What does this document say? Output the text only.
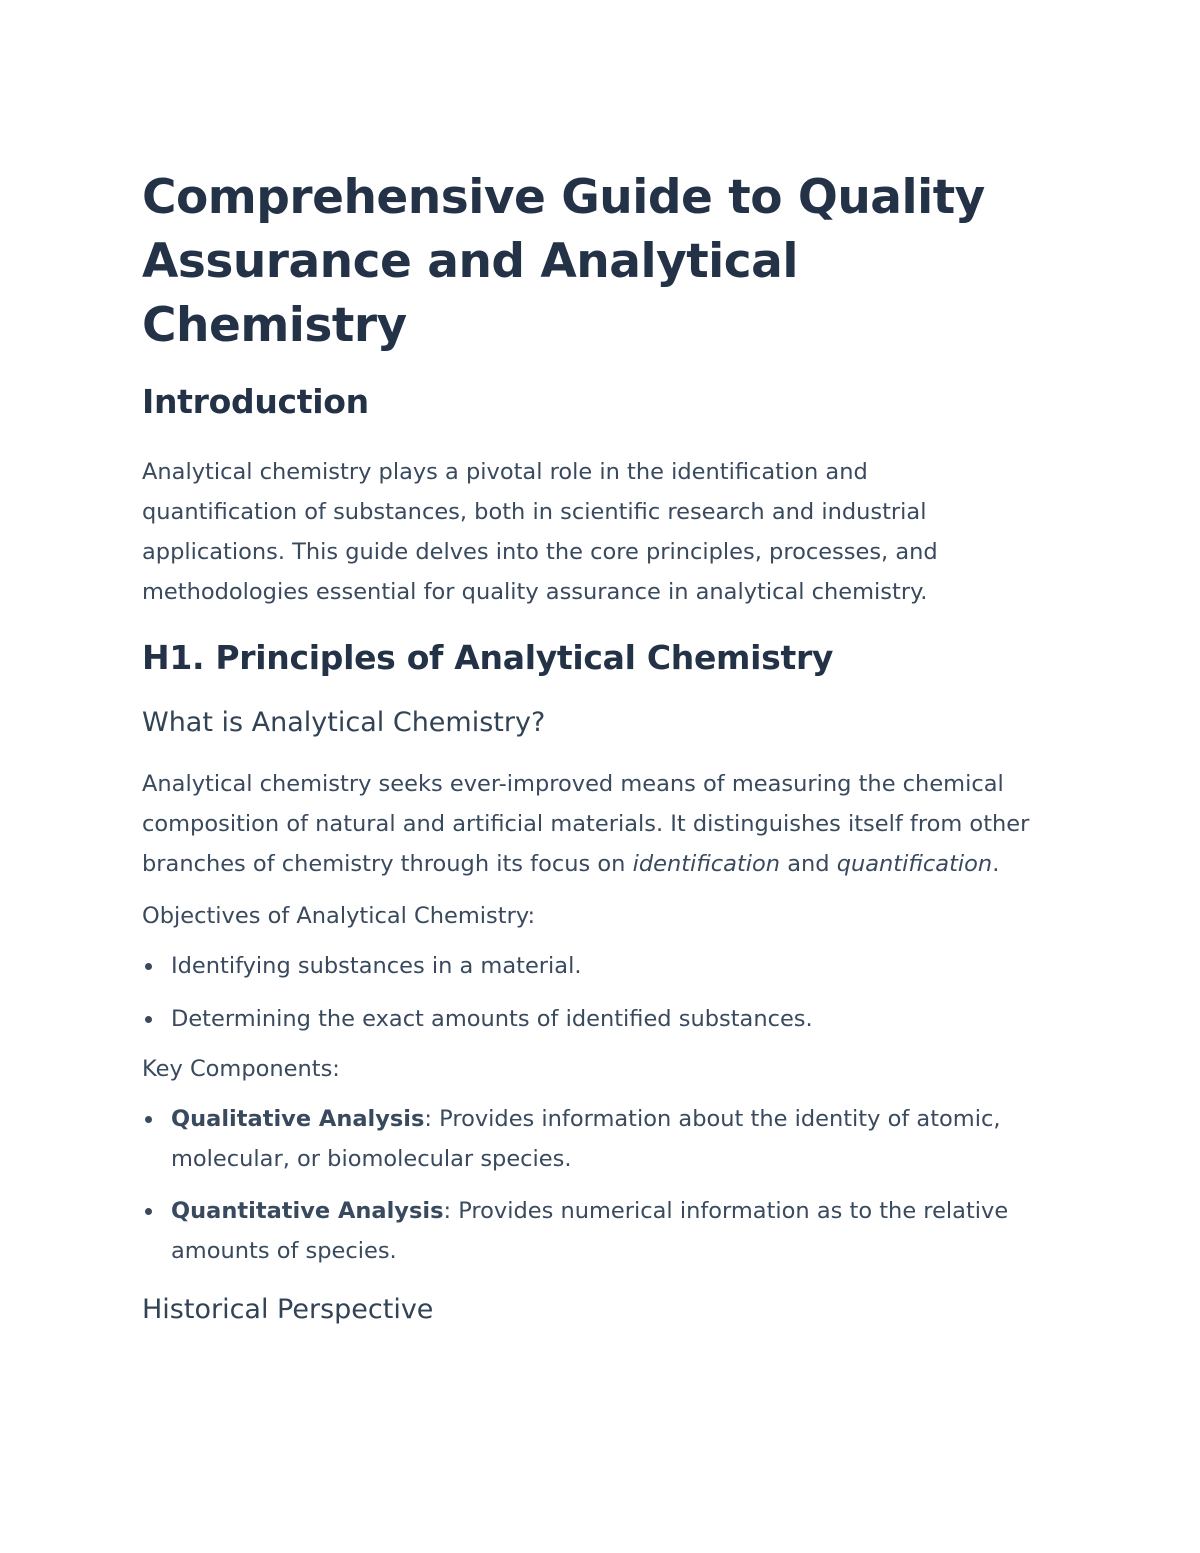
Comprehensive Guide to Quality Assurance and Analytical Chemistry
Introduction

Analytical chemistry plays a pivotal role in the identification and quantification of substances, both in scientific research and industrial applications. This guide delves into the core principles, processes, and methodologies essential for quality assurance in analytical chemistry.

H1. Principles of Analytical Chemistry
What is Analytical Chemistry?

Analytical chemistry seeks ever-improved means of measuring the chemical composition of natural and artificial materials. It distinguishes itself from other branches of chemistry through its focus on identification and quantification.

Objectives of Analytical Chemistry:
Identifying substances in a material.
Determining the exact amounts of identified substances.
Key Components:
Qualitative Analysis: Provides information about the identity of atomic, molecular, or biomolecular species.
Quantitative Analysis: Provides numerical information as to the relative amounts of species.
Historical Perspective
